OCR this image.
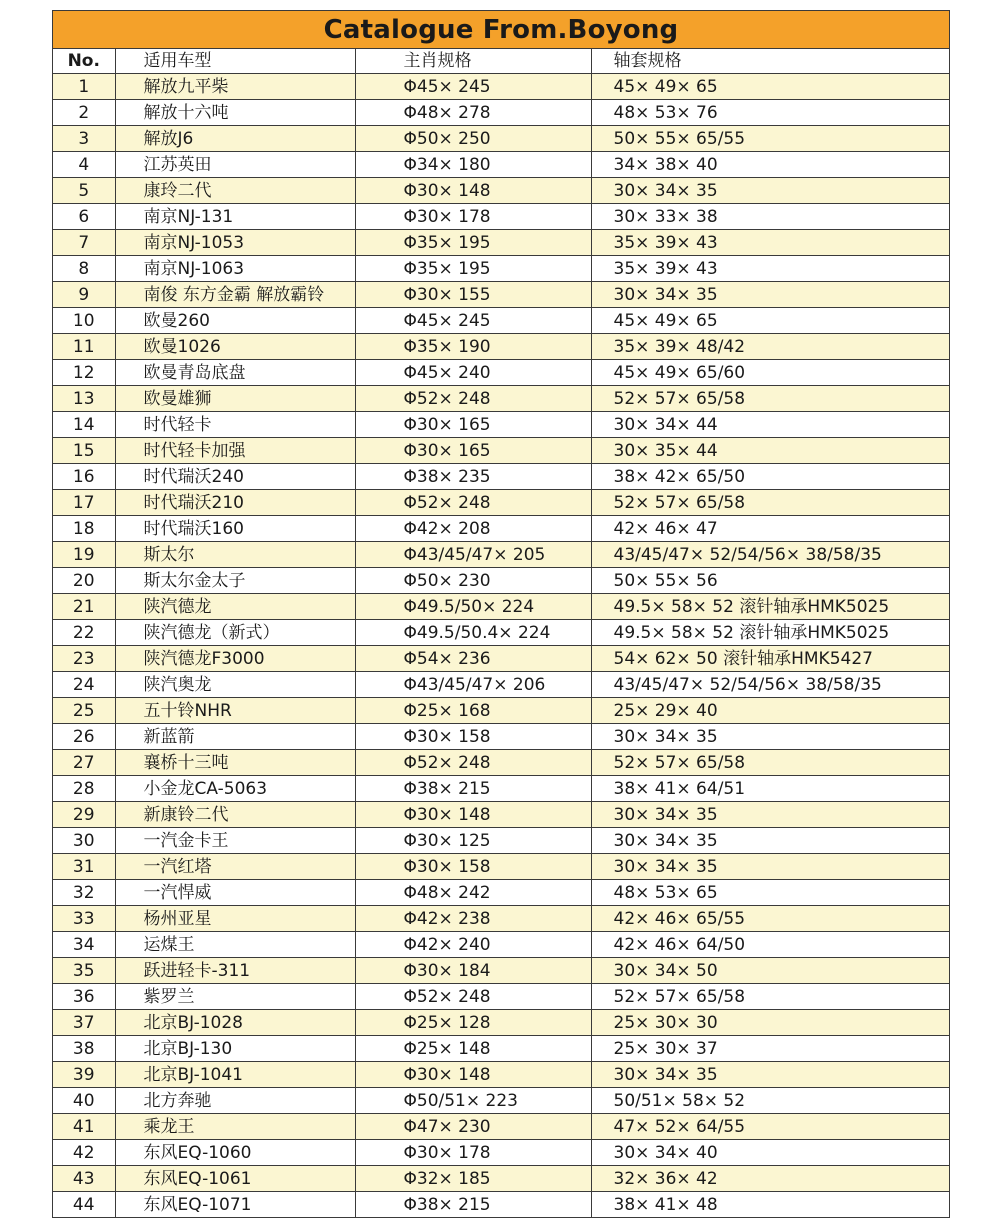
Catalogue From.Boyong
No.	适用车型	主肖规格	轴套规格
1	解放九平柴	Φ45× 245	45× 49× 65
2	解放十六吨	Φ48× 278	48× 53× 76
3	解放J6	Φ50× 250	50× 55× 65/55
4	江苏英田	Φ34× 180	34× 38× 40
5	康玲二代	Φ30× 148	30× 34× 35
6	南京NJ-131	Φ30× 178	30× 33× 38
7	南京NJ-1053	Φ35× 195	35× 39× 43
8	南京NJ-1063	Φ35× 195	35× 39× 43
9	南俊 东方金霸 解放霸铃	Φ30× 155	30× 34× 35
10	欧曼260	Φ45× 245	45× 49× 65
11	欧曼1026	Φ35× 190	35× 39× 48/42
12	欧曼青岛底盘	Φ45× 240	45× 49× 65/60
13	欧曼雄狮	Φ52× 248	52× 57× 65/58
14	时代轻卡	Φ30× 165	30× 34× 44
15	时代轻卡加强	Φ30× 165	30× 35× 44
16	时代瑞沃240	Φ38× 235	38× 42× 65/50
17	时代瑞沃210	Φ52× 248	52× 57× 65/58
18	时代瑞沃160	Φ42× 208	42× 46× 47
19	斯太尔	Φ43/45/47× 205	43/45/47× 52/54/56× 38/58/35
20	斯太尔金太子	Φ50× 230	50× 55× 56
21	陕汽德龙	Φ49.5/50× 224	49.5× 58× 52 滚针轴承HMK5025
22	陕汽德龙（新式）	Φ49.5/50.4× 224	49.5× 58× 52 滚针轴承HMK5025
23	陕汽德龙F3000	Φ54× 236	54× 62× 50 滚针轴承HMK5427
24	陕汽奥龙	Φ43/45/47× 206	43/45/47× 52/54/56× 38/58/35
25	五十铃NHR	Φ25× 168	25× 29× 40
26	新蓝箭	Φ30× 158	30× 34× 35
27	襄桥十三吨	Φ52× 248	52× 57× 65/58
28	小金龙CA-5063	Φ38× 215	38× 41× 64/51
29	新康铃二代	Φ30× 148	30× 34× 35
30	一汽金卡王	Φ30× 125	30× 34× 35
31	一汽红塔	Φ30× 158	30× 34× 35
32	一汽悍威	Φ48× 242	48× 53× 65
33	杨州亚星	Φ42× 238	42× 46× 65/55
34	运煤王	Φ42× 240	42× 46× 64/50
35	跃进轻卡-311	Φ30× 184	30× 34× 50
36	紫罗兰	Φ52× 248	52× 57× 65/58
37	北京BJ-1028	Φ25× 128	25× 30× 30
38	北京BJ-130	Φ25× 148	25× 30× 37
39	北京BJ-1041	Φ30× 148	30× 34× 35
40	北方奔驰	Φ50/51× 223	50/51× 58× 52
41	乘龙王	Φ47× 230	47× 52× 64/55
42	东风EQ-1060	Φ30× 178	30× 34× 40
43	东风EQ-1061	Φ32× 185	32× 36× 42
44	东风EQ-1071	Φ38× 215	38× 41× 48
